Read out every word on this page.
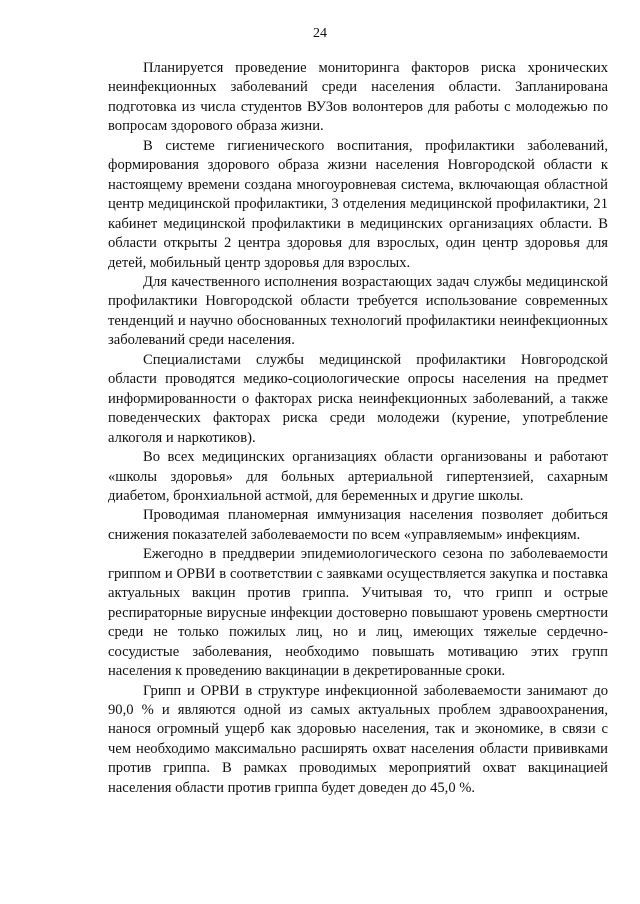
24

Планируется проведение мониторинга факторов риска хронических неинфекционных заболеваний среди населения области. Запланирована подготовка из числа студентов ВУЗов волонтеров для работы с молодежью по вопросам здорового образа жизни.

В системе гигиенического воспитания, профилактики заболеваний, формирования здорового образа жизни населения Новгородской области к настоящему времени создана многоуровневая система, включающая областной центр медицинской профилактики, 3 отделения медицинской профилактики, 21 кабинет медицинской профилактики в медицинских организациях области. В области открыты 2 центра здоровья для взрослых, один центр здоровья для детей, мобильный центр здоровья для взрослых.

Для качественного исполнения возрастающих задач службы медицинской профилактики Новгородской области требуется использование современных тенденций и научно обоснованных технологий профилактики неинфекционных заболеваний среди населения.

Специалистами службы медицинской профилактики Новгородской области проводятся медико-социологические опросы населения на предмет информированности о факторах риска неинфекционных заболеваний, а также поведенческих факторах риска среди молодежи (курение, употребление алкоголя и наркотиков).

Во всех медицинских организациях области организованы и работают «школы здоровья» для больных артериальной гипертензией, сахарным диабетом, бронхиальной астмой, для беременных и другие школы.

Проводимая планомерная иммунизация населения позволяет добиться снижения показателей заболеваемости по всем «управляемым» инфекциям.

Ежегодно в преддверии эпидемиологического сезона по заболеваемости гриппом и ОРВИ в соответствии с заявками осуществляется закупка и поставка актуальных вакцин против гриппа. Учитывая то, что грипп и острые респираторные вирусные инфекции достоверно повышают уровень смертности среди не только пожилых лиц, но и лиц, имеющих тяжелые сердечно-сосудистые заболевания, необходимо повышать мотивацию этих групп населения к проведению вакцинации в декретированные сроки.

Грипп и ОРВИ в структуре инфекционной заболеваемости занимают до 90,0 % и являются одной из самых актуальных проблем здравоохранения, нанося огромный ущерб как здоровью населения, так и экономике, в связи с чем необходимо максимально расширять охват населения области прививками против гриппа. В рамках проводимых мероприятий охват вакцинацией населения области против гриппа будет доведен до 45,0 %.
